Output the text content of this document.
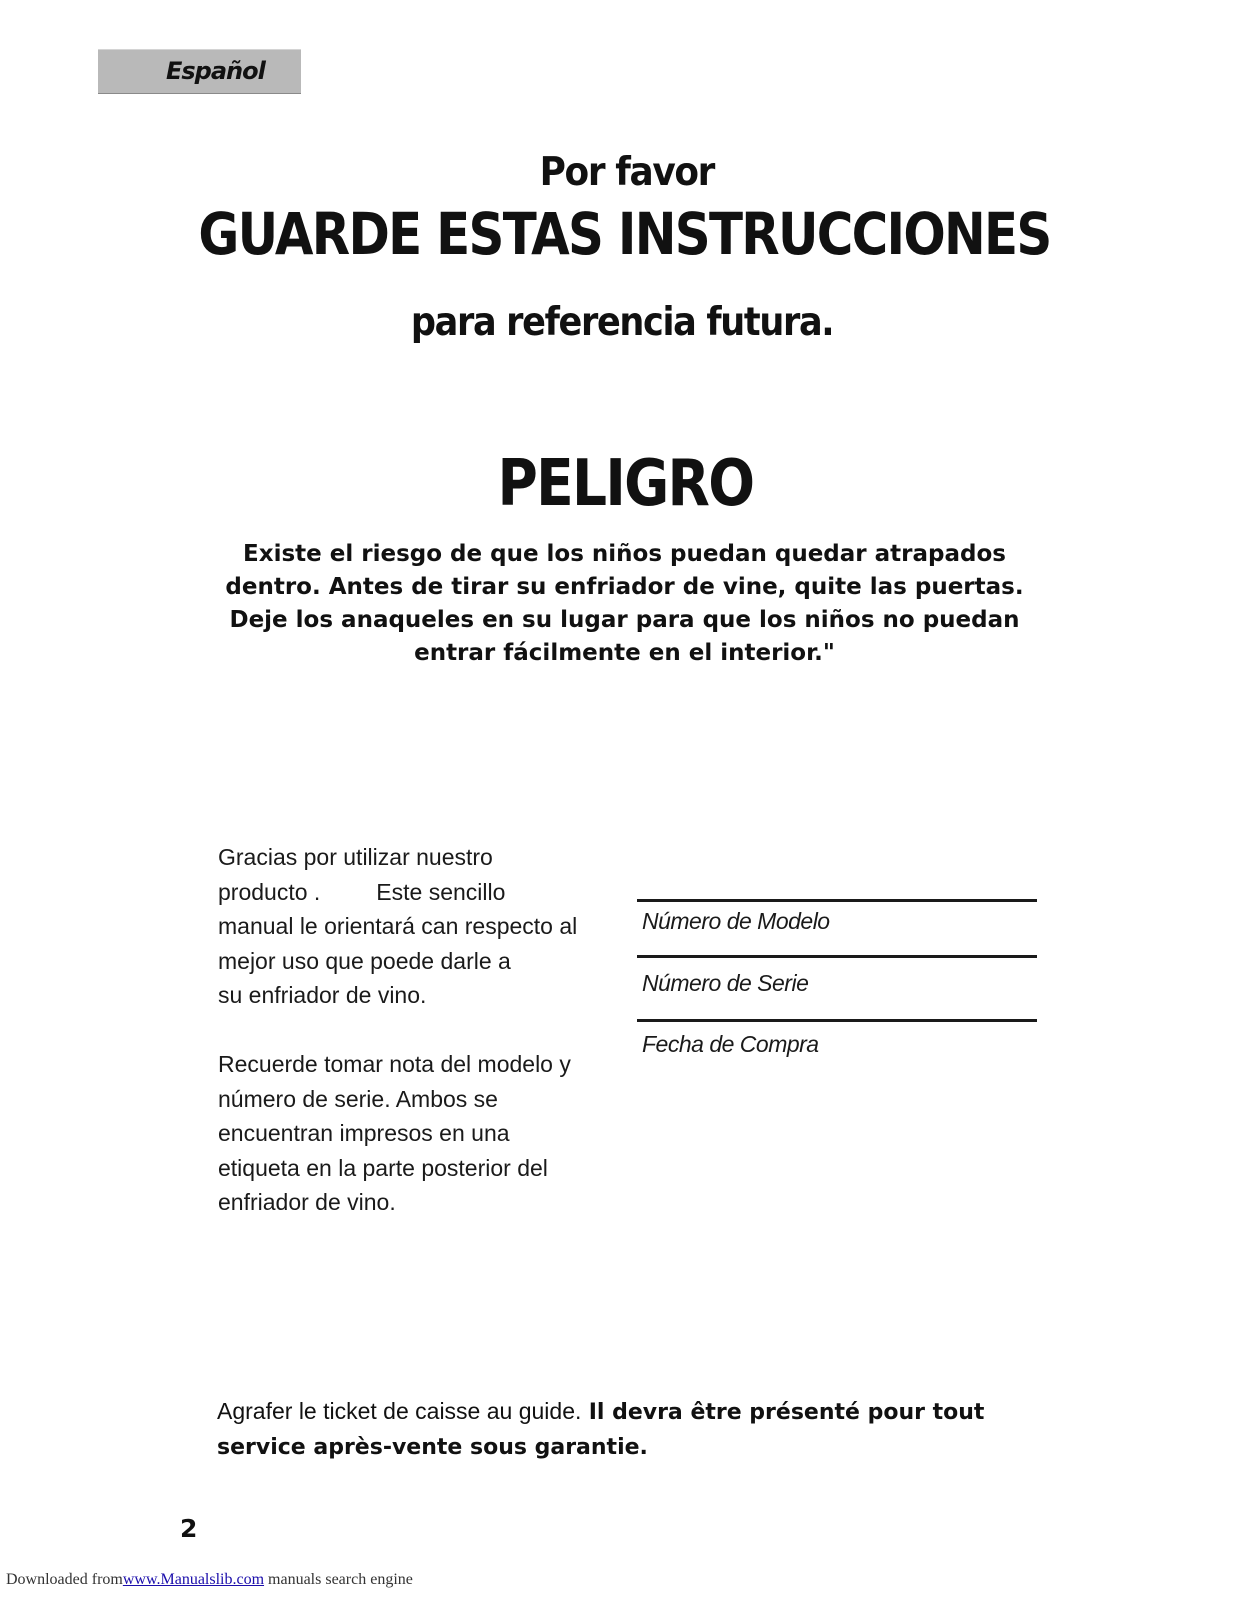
Español
Por favor
GUARDE ESTAS INSTRUCCIONES
para referencia futura.
PELIGRO
Existe el riesgo de que los niños puedan quedar atrapados
dentro. Antes de tirar su enfriador de vine, quite las puertas.
Deje los anaqueles en su lugar para que los niños no puedan
entrar fácilmente en el interior."
Gracias por utilizar nuestro
producto . Este sencillo
manual le orientará can respecto al
mejor uso que poede darle a
su enfriador de vino.
Recuerde tomar nota del modelo y
número de serie. Ambos se
encuentran impresos en una
etiqueta en la parte posterior del
enfriador de vino.
Número de Modelo
Número de Serie
Fecha de Compra
Agrafer le ticket de caisse au guide. Il devra être présenté pour tout
service après-vente sous garantie.
2
Downloaded fromwww.Manualslib.com manuals search engine
